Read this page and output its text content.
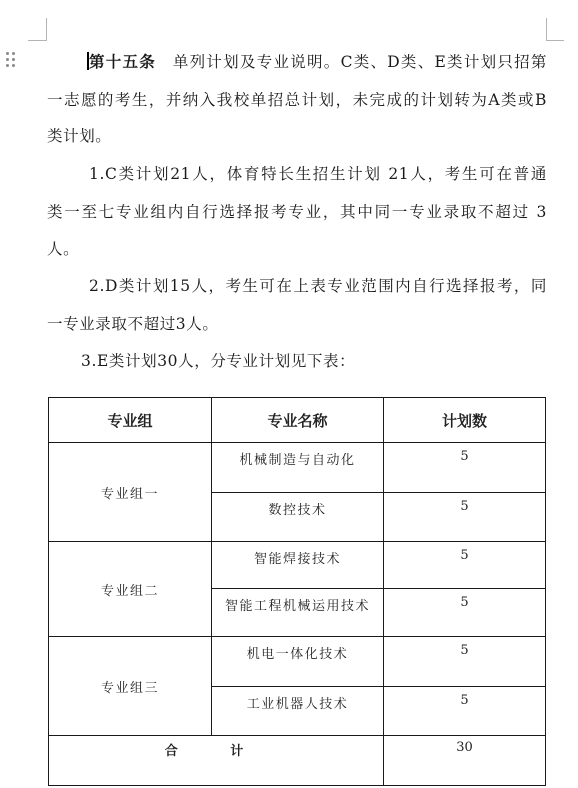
第十五条　 单列计划及专业说明。C类、D类、E类计划只招第
一志愿的考生，并纳入我校单招总计划，未完成的计划转为A类或B
类计划。
1.C类计划21人，体育特长生招生计划 21人，考生可在普通
类一至七专业组内自行选择报考专业，其中同一专业录取不超过 3
人。
2.D类计划15人，考生可在上表专业范围内自行选择报考，同
一专业录取不超过3人。
3.E类计划30人，分专业计划见下表：
专业组	专业名称	计划数
专业组一	机械制造与自动化	5
	数控技术	5
专业组二	智能焊接技术	5
	智能工程机械运用技术	5
专业组三	机电一体化技术	5
	工业机器人技术	5
合 计		30
